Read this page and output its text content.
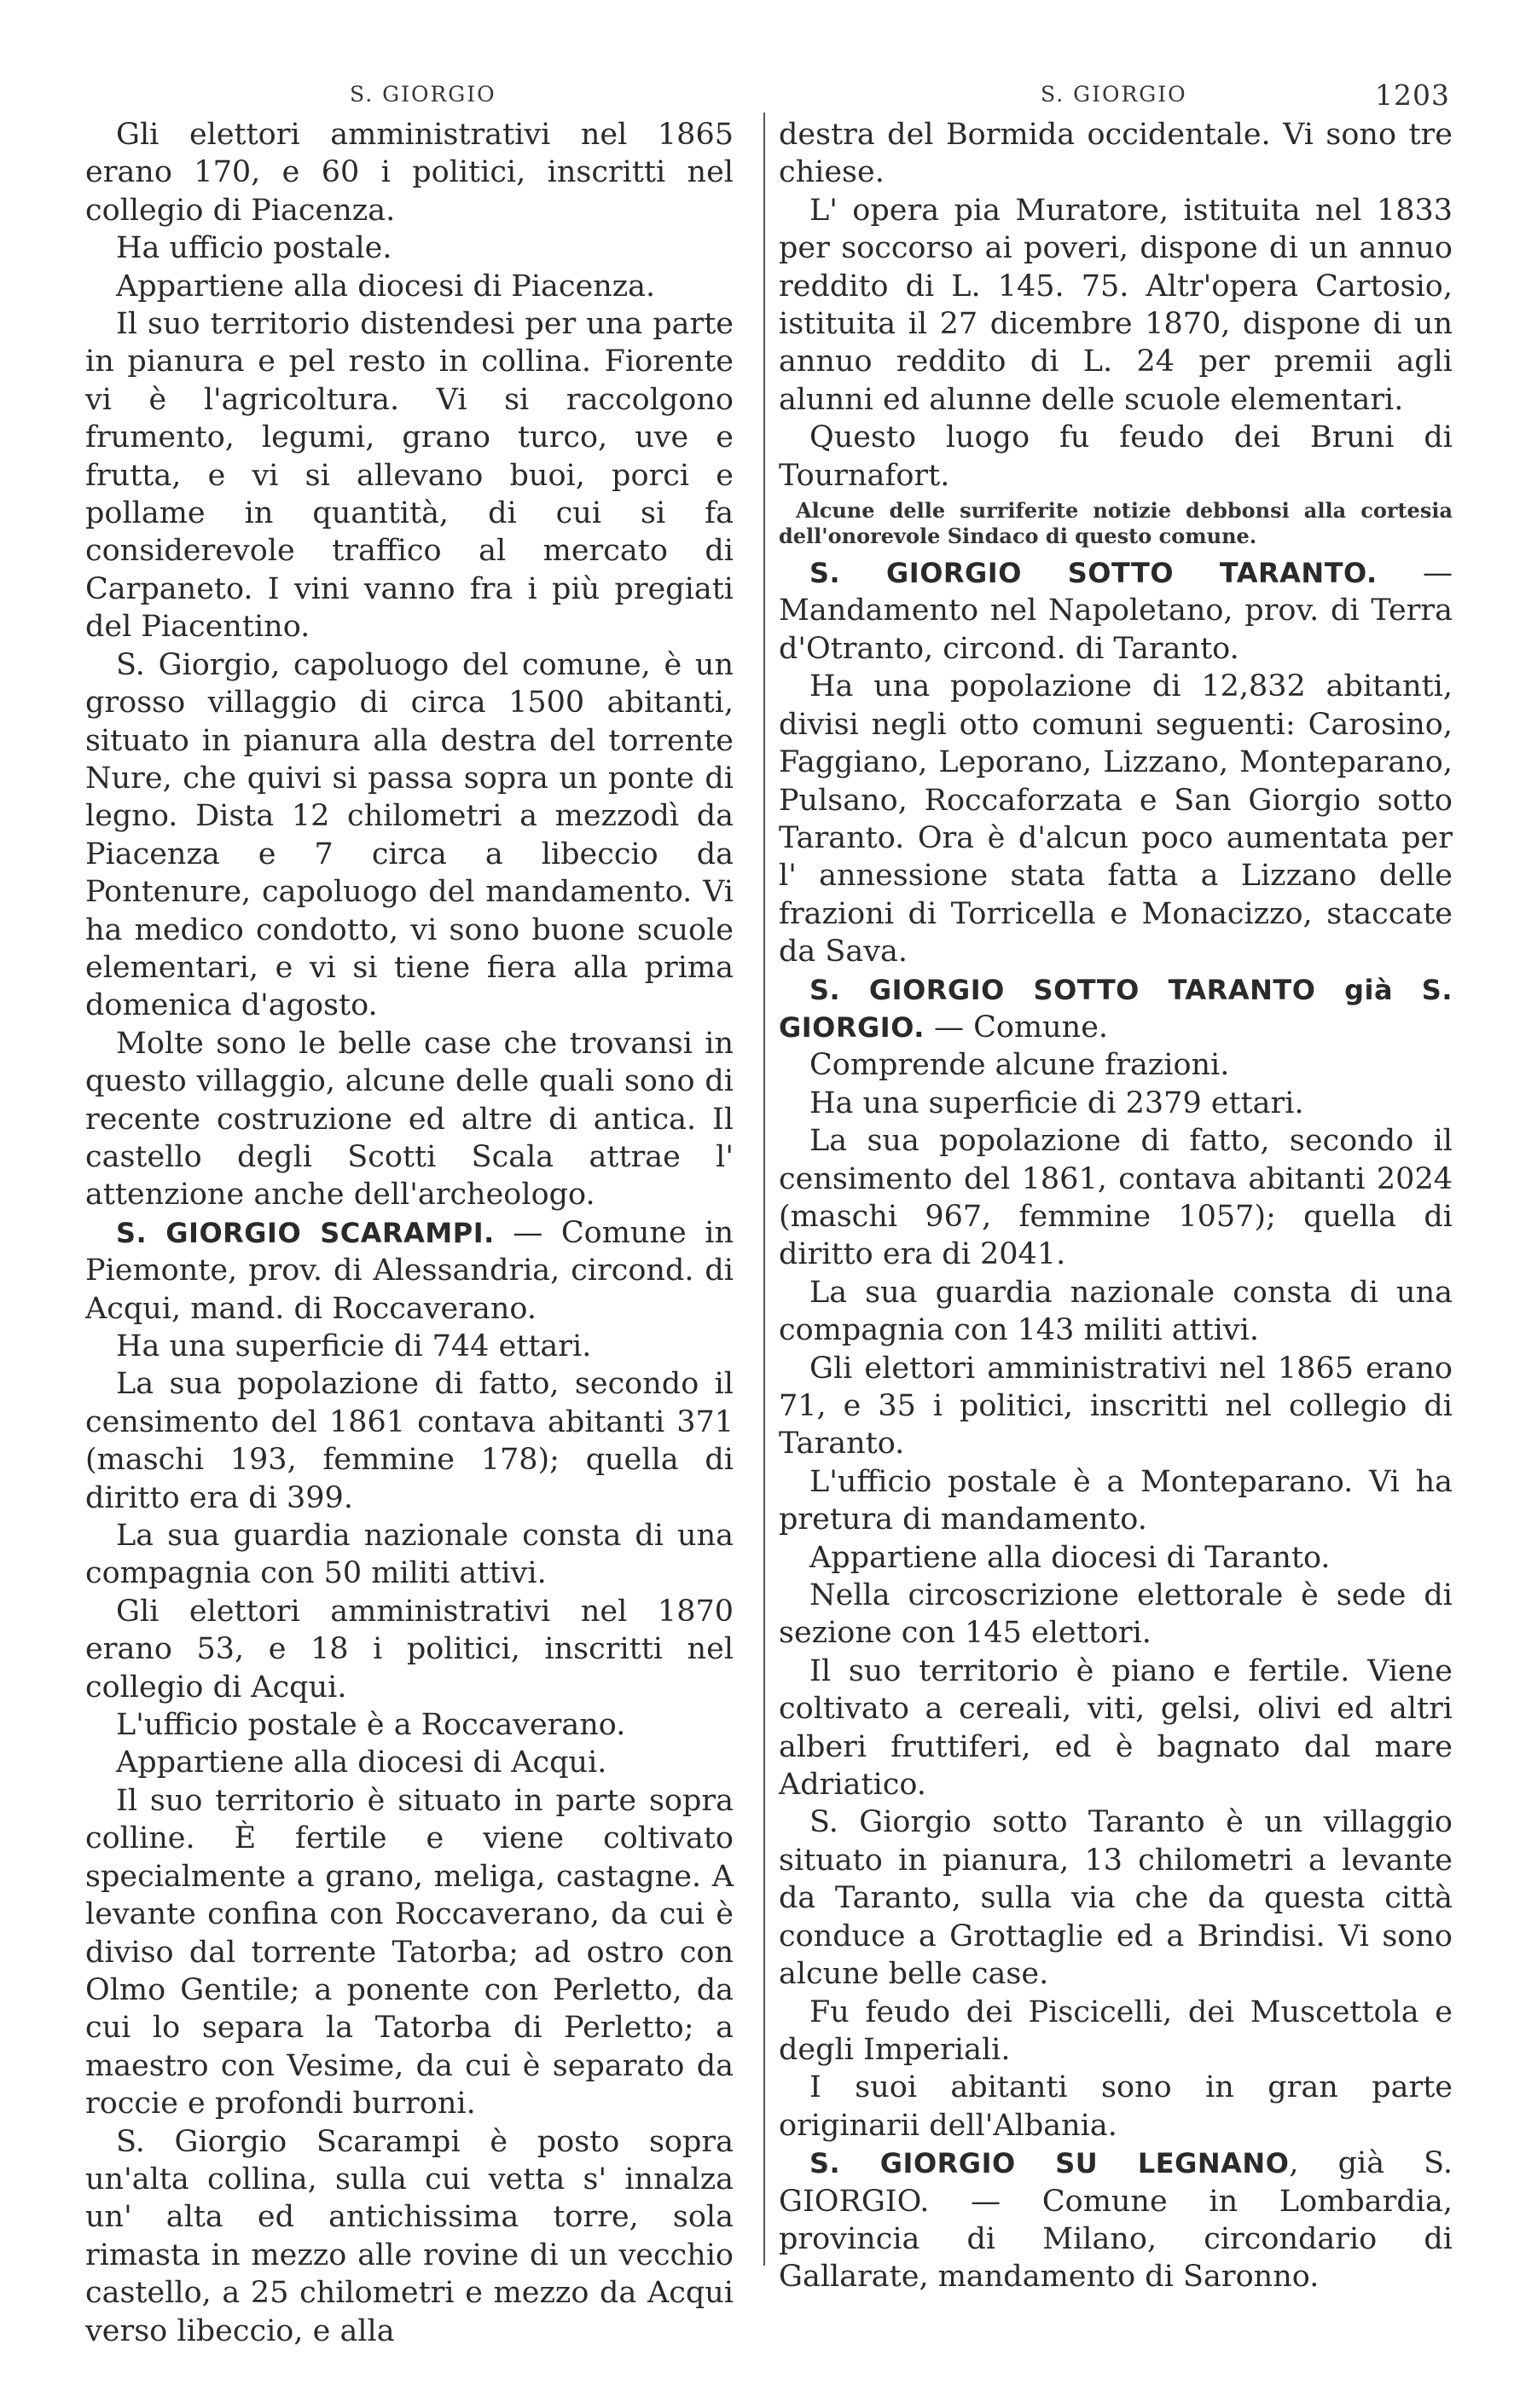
S. GIORGIO	S. GIORGIO	1203

Gli elettori amministrativi nel 1865 erano 170, e 60 i politici, inscritti nel collegio di Piacenza.

Ha ufficio postale.

Appartiene alla diocesi di Piacenza.

Il suo territorio distendesi per una parte in pianura e pel resto in collina. Fiorente vi è l'agricoltura. Vi si raccolgono frumento, legumi, grano turco, uve e frutta, e vi si allevano buoi, porci e pollame in quantità, di cui si fa considerevole traffico al mercato di Carpaneto. I vini vanno fra i più pregiati del Piacentino.

S. Giorgio, capoluogo del comune, è un grosso villaggio di circa 1500 abitanti, situato in pianura alla destra del torrente Nure, che quivi si passa sopra un ponte di legno. Dista 12 chilometri a mezzodì da Piacenza e 7 circa a libeccio da Pontenure, capoluogo del mandamento. Vi ha medico condotto, vi sono buone scuole elementari, e vi si tiene fiera alla prima domenica d'agosto.

Molte sono le belle case che trovansi in questo villaggio, alcune delle quali sono di recente costruzione ed altre di antica. Il castello degli Scotti Scala attrae l' attenzione anche dell'archeologo.

S. GIORGIO SCARAMPI. — Comune in Piemonte, prov. di Alessandria, circond. di Acqui, mand. di Roccaverano.

Ha una superficie di 744 ettari.

La sua popolazione di fatto, secondo il censimento del 1861 contava abitanti 371 (maschi 193, femmine 178); quella di diritto era di 399.

La sua guardia nazionale consta di una compagnia con 50 militi attivi.

Gli elettori amministrativi nel 1870 erano 53, e 18 i politici, inscritti nel collegio di Acqui.

L'ufficio postale è a Roccaverano.

Appartiene alla diocesi di Acqui.

Il suo territorio è situato in parte sopra colline. È fertile e viene coltivato specialmente a grano, meliga, castagne. A levante confina con Roccaverano, da cui è diviso dal torrente Tatorba; ad ostro con Olmo Gentile; a ponente con Perletto, da cui lo separa la Tatorba di Perletto; a maestro con Vesime, da cui è separato da roccie e profondi burroni.

S. Giorgio Scarampi è posto sopra un'alta collina, sulla cui vetta s' innalza un' alta ed antichissima torre, sola rimasta in mezzo alle rovine di un vecchio castello, a 25 chilometri e mezzo da Acqui verso libeccio, e alla

destra del Bormida occidentale. Vi sono tre chiese.

L' opera pia Muratore, istituita nel 1833 per soccorso ai poveri, dispone di un annuo reddito di L. 145. 75. Altr'opera Cartosio, istituita il 27 dicembre 1870, dispone di un annuo reddito di L. 24 per premii agli alunni ed alunne delle scuole elementari.

Questo luogo fu feudo dei Bruni di Tournafort.

Alcune delle surriferite notizie debbonsi alla cortesia dell'onorevole Sindaco di questo comune.

S. GIORGIO SOTTO TARANTO. — Mandamento nel Napoletano, prov. di Terra d'Otranto, circond. di Taranto.

Ha una popolazione di 12,832 abitanti, divisi negli otto comuni seguenti: Carosino, Faggiano, Leporano, Lizzano, Monteparano, Pulsano, Roccaforzata e San Giorgio sotto Taranto. Ora è d'alcun poco aumentata per l' annessione stata fatta a Lizzano delle frazioni di Torricella e Monacizzo, staccate da Sava.

S. GIORGIO SOTTO TARANTO già S. GIORGIO. — Comune.

Comprende alcune frazioni.

Ha una superficie di 2379 ettari.

La sua popolazione di fatto, secondo il censimento del 1861, contava abitanti 2024 (maschi 967, femmine 1057); quella di diritto era di 2041.

La sua guardia nazionale consta di una compagnia con 143 militi attivi.

Gli elettori amministrativi nel 1865 erano 71, e 35 i politici, inscritti nel collegio di Taranto.

L'ufficio postale è a Monteparano. Vi ha pretura di mandamento.

Appartiene alla diocesi di Taranto.

Nella circoscrizione elettorale è sede di sezione con 145 elettori.

Il suo territorio è piano e fertile. Viene coltivato a cereali, viti, gelsi, olivi ed altri alberi fruttiferi, ed è bagnato dal mare Adriatico.

S. Giorgio sotto Taranto è un villaggio situato in pianura, 13 chilometri a levante da Taranto, sulla via che da questa città conduce a Grottaglie ed a Brindisi. Vi sono alcune belle case.

Fu feudo dei Piscicelli, dei Muscettola e degli Imperiali.

I suoi abitanti sono in gran parte originarii dell'Albania.

S. GIORGIO SU LEGNANO, già S. GIORGIO. — Comune in Lombardia, provincia di Milano, circondario di Gallarate, mandamento di Saronno.
